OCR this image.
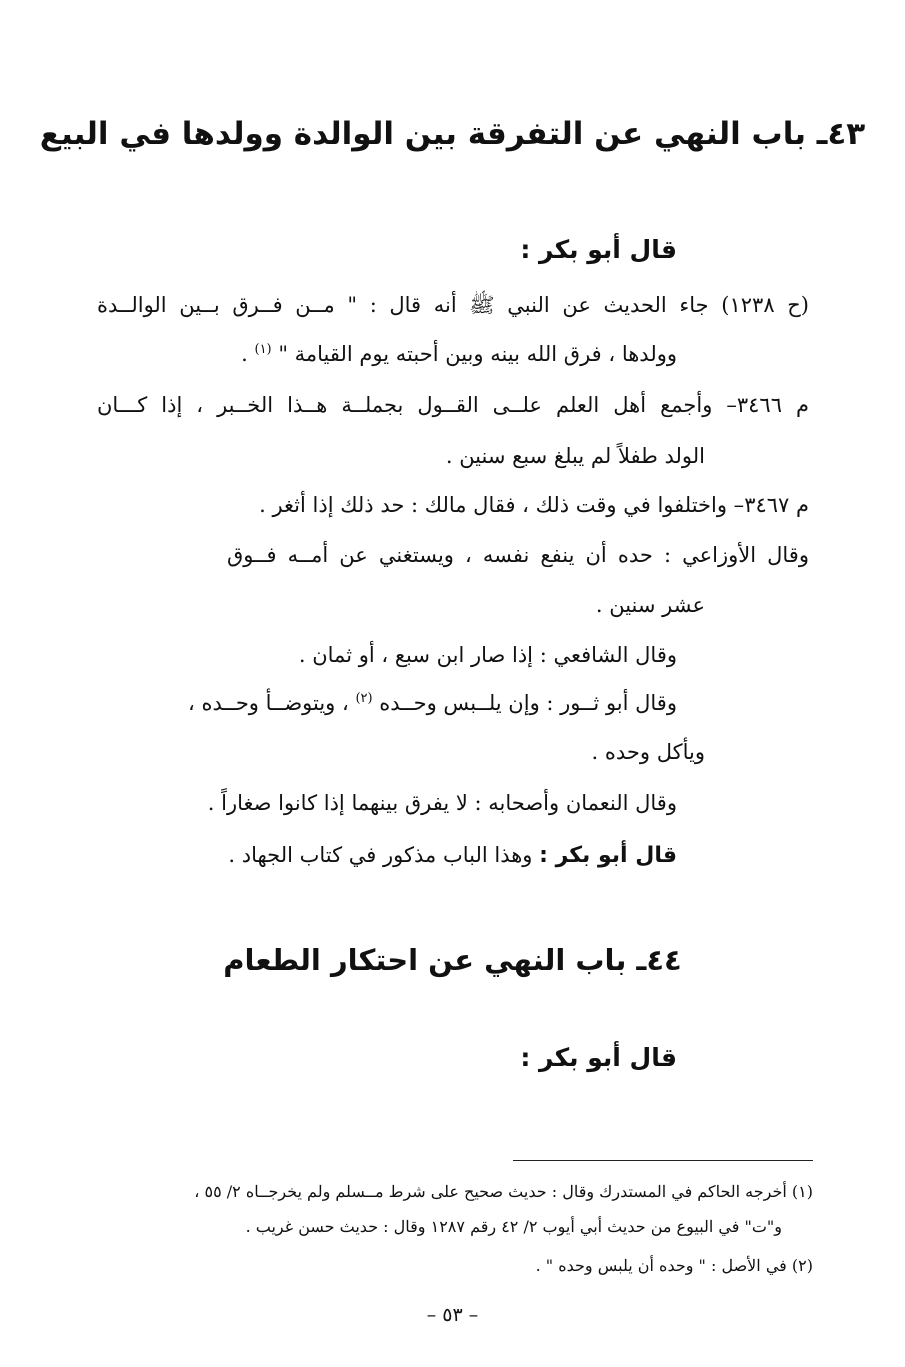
٤٣ـ باب النهي عن التفرقة بين الوالدة وولدها في البيع
قال أبو بكر :
(ح ١٢٣٨) جاء الحديث عن النبي ﷺ أنه قال : " مــن فــرق بــين الوالــدة
وولدها ، فرق الله بينه وبين أحبته يوم القيامة " $^{(١)}$ .
م ٣٤٦٦– وأجمع أهل العلم علــى القــول بجملــة هــذا الخــبر ، إذا كـــان
الولد طفلاً لم يبلغ سبع سنين .
م ٣٤٦٧– واختلفوا في وقت ذلك ، فقال مالك : حد ذلك إذا أثغر .
وقال الأوزاعي : حده أن ينفع نفسه ، ويستغني عن أمــه فــوق
عشر سنين .
وقال الشافعي : إذا صار ابن سبع ، أو ثمان .
وقال أبو ثــور : وإن يلــبس وحــده $^{(٢)}$ ، ويتوضــأ وحــده ،
ويأكل وحده .
وقال النعمان وأصحابه : لا يفرق بينهما إذا كانوا صغاراً .
قال أبو بكر : وهذا الباب مذكور في كتاب الجهاد .
٤٤ـ باب النهي عن احتكار الطعام
قال أبو بكر :
(١) أخرجه الحاكم في المستدرك وقال : حديث صحيح على شرط مــسلم ولم يخرجــاه ٢/ ٥٥ ،
و"ت" في البيوع من حديث أبي أيوب ٢/ ٤٢ رقم ١٢٨٧ وقال : حديث حسن غريب .
(٢) في الأصل : " وحده أن يلبس وحده " .
– ٥٣ –
